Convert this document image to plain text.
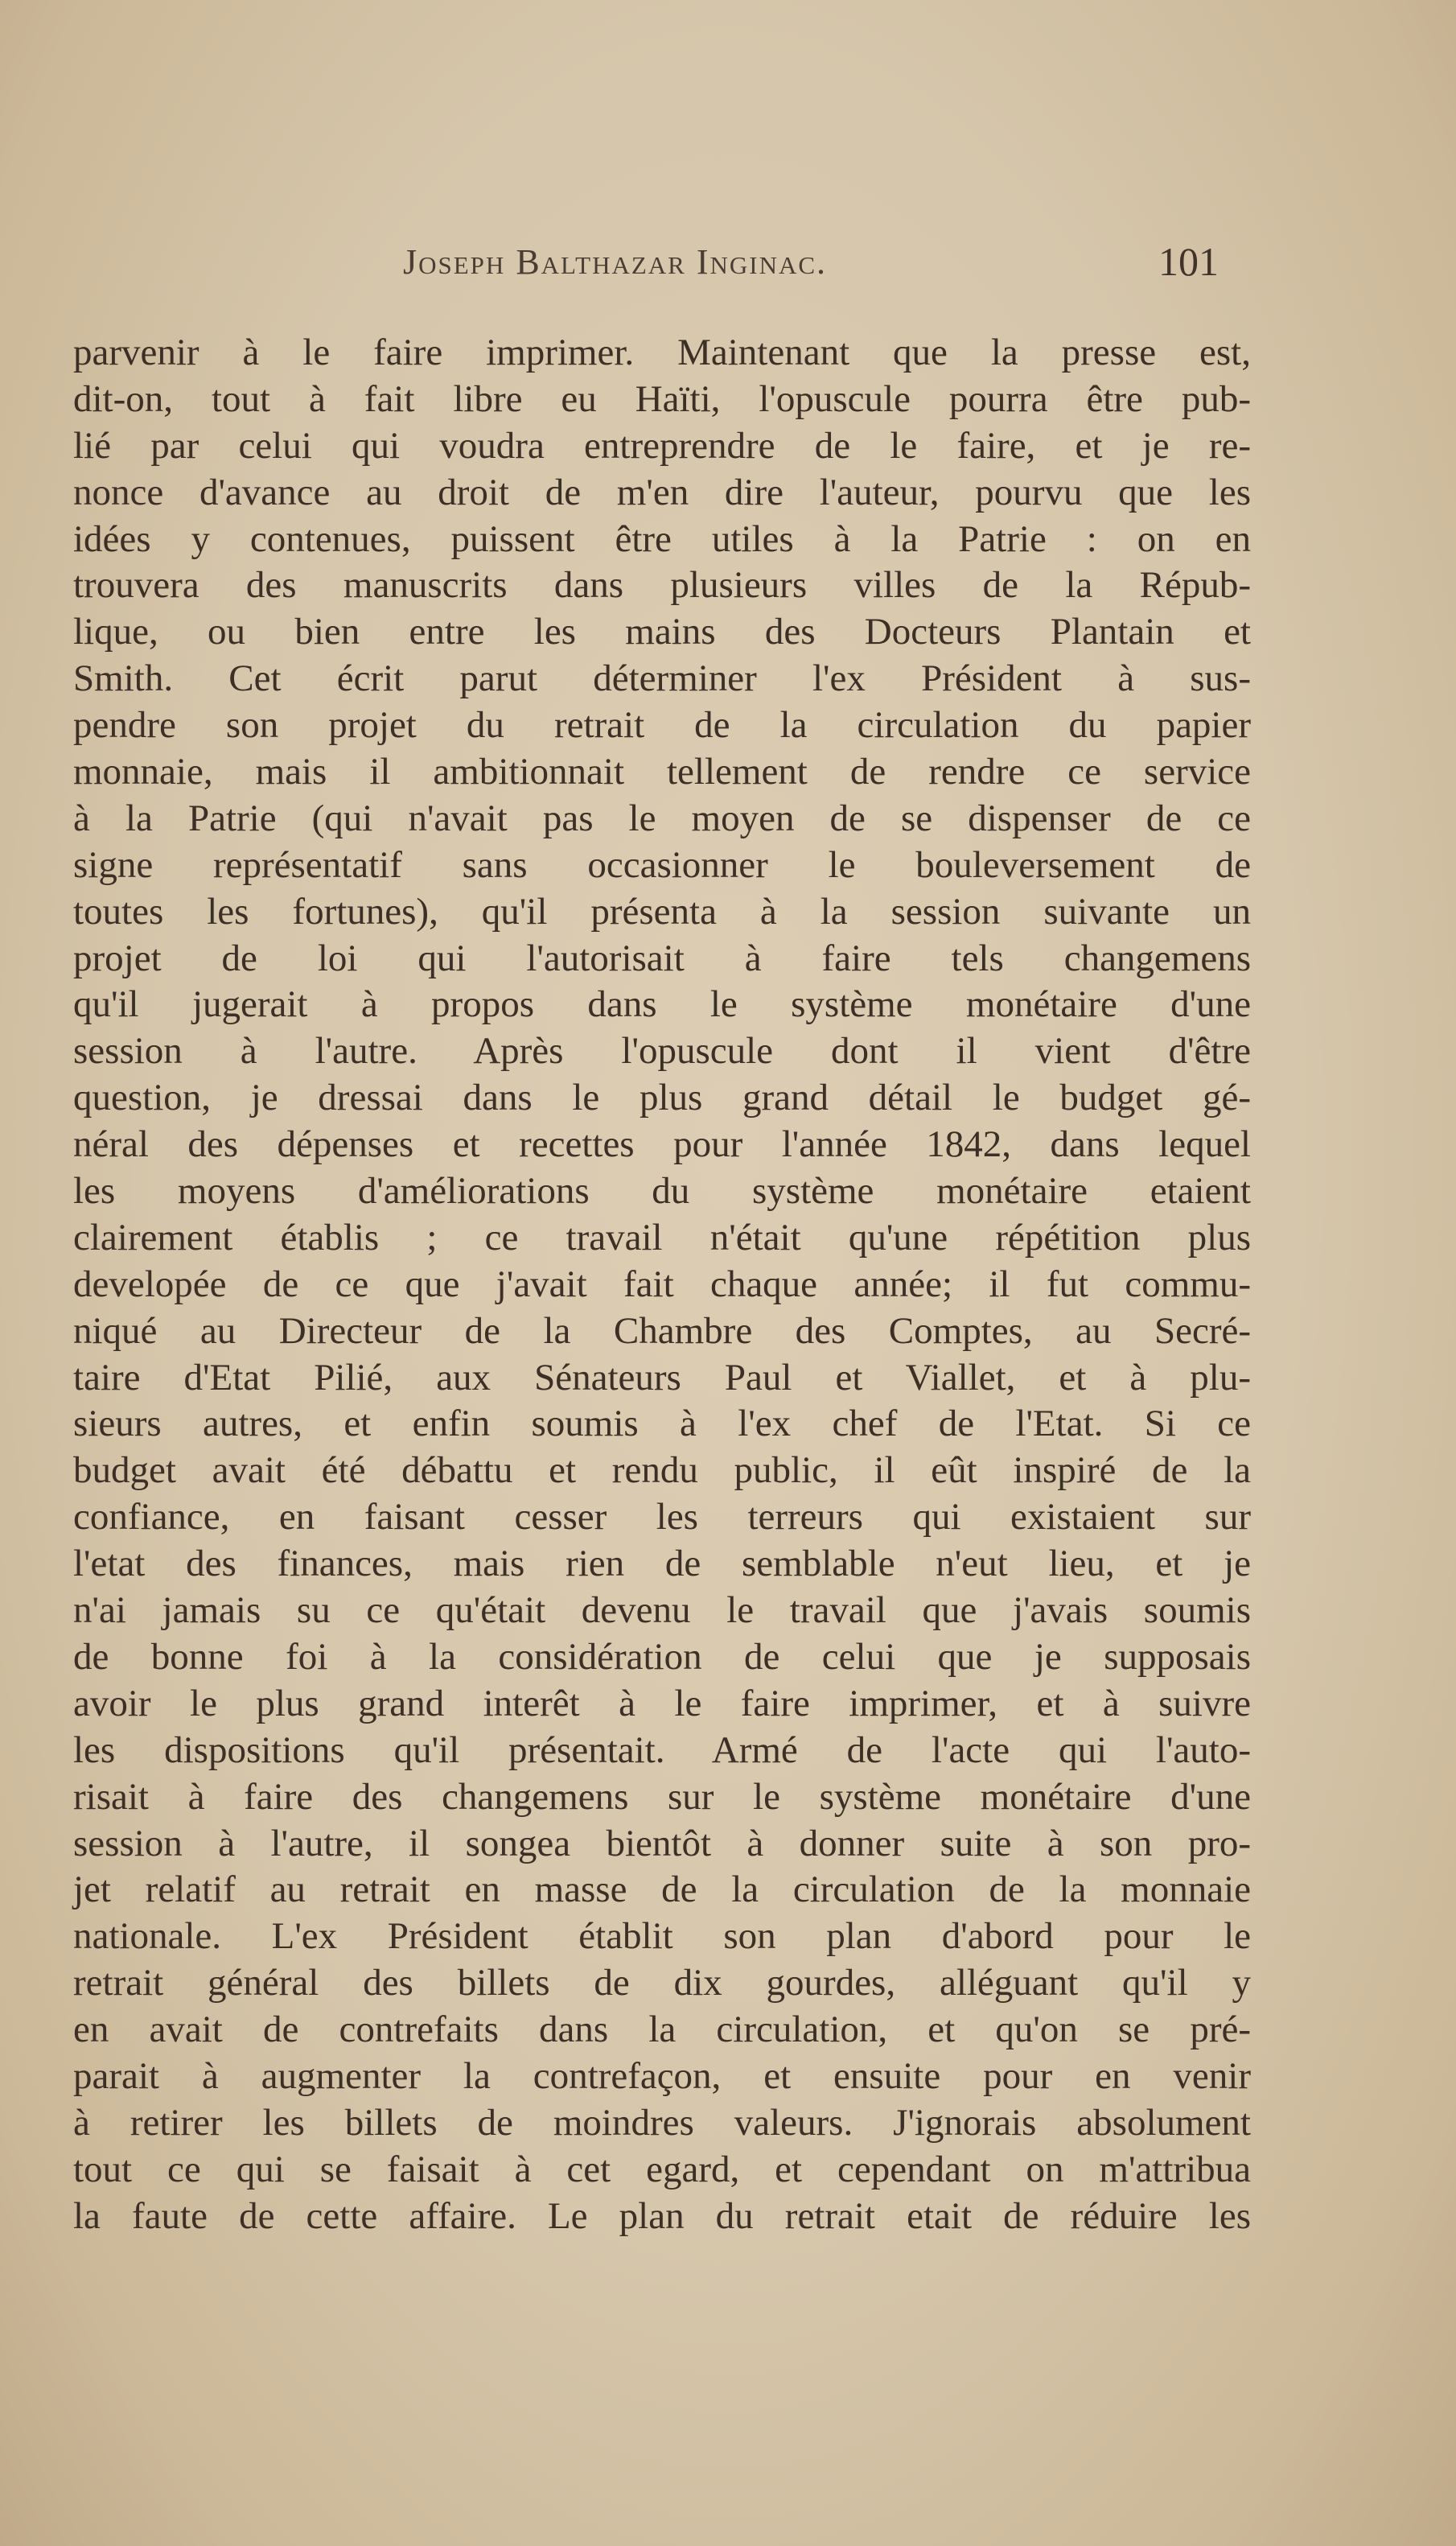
Joseph Balthazar Inginac.	101
parvenir à le faire imprimer. Maintenant que la presse est,
dit-on, tout à fait libre eu Haïti, l'opuscule pourra être pub-
lié par celui qui voudra entreprendre de le faire, et je re-
nonce d'avance au droit de m'en dire l'auteur, pourvu que les
idées y contenues, puissent être utiles à la Patrie : on en
trouvera des manuscrits dans plusieurs villes de la Répub-
lique, ou bien entre les mains des Docteurs Plantain et
Smith. Cet écrit parut déterminer l'ex Président à sus-
pendre son projet du retrait de la circulation du papier
monnaie, mais il ambitionnait tellement de rendre ce service
à la Patrie (qui n'avait pas le moyen de se dispenser de ce
signe représentatif sans occasionner le bouleversement de
toutes les fortunes), qu'il présenta à la session suivante un
projet de loi qui l'autorisait à faire tels changemens
qu'il jugerait à propos dans le système monétaire d'une
session à l'autre. Après l'opuscule dont il vient d'être
question, je dressai dans le plus grand détail le budget gé-
néral des dépenses et recettes pour l'année 1842, dans lequel
les moyens d'améliorations du système monétaire etaient
clairement établis ; ce travail n'était qu'une répétition plus
developée de ce que j'avait fait chaque année; il fut commu-
niqué au Directeur de la Chambre des Comptes, au Secré-
taire d'Etat Pilié, aux Sénateurs Paul et Viallet, et à plu-
sieurs autres, et enfin soumis à l'ex chef de l'Etat. Si ce
budget avait été débattu et rendu public, il eût inspiré de la
confiance, en faisant cesser les terreurs qui existaient sur
l'etat des finances, mais rien de semblable n'eut lieu, et je
n'ai jamais su ce qu'était devenu le travail que j'avais soumis
de bonne foi à la considération de celui que je supposais
avoir le plus grand interêt à le faire imprimer, et à suivre
les dispositions qu'il présentait. Armé de l'acte qui l'auto-
risait à faire des changemens sur le système monétaire d'une
session à l'autre, il songea bientôt à donner suite à son pro-
jet relatif au retrait en masse de la circulation de la monnaie
nationale. L'ex Président établit son plan d'abord pour le
retrait général des billets de dix gourdes, alléguant qu'il y
en avait de contrefaits dans la circulation, et qu'on se pré-
parait à augmenter la contrefaçon, et ensuite pour en venir
à retirer les billets de moindres valeurs. J'ignorais absolument
tout ce qui se faisait à cet egard, et cependant on m'attribua
la faute de cette affaire. Le plan du retrait etait de réduire les
